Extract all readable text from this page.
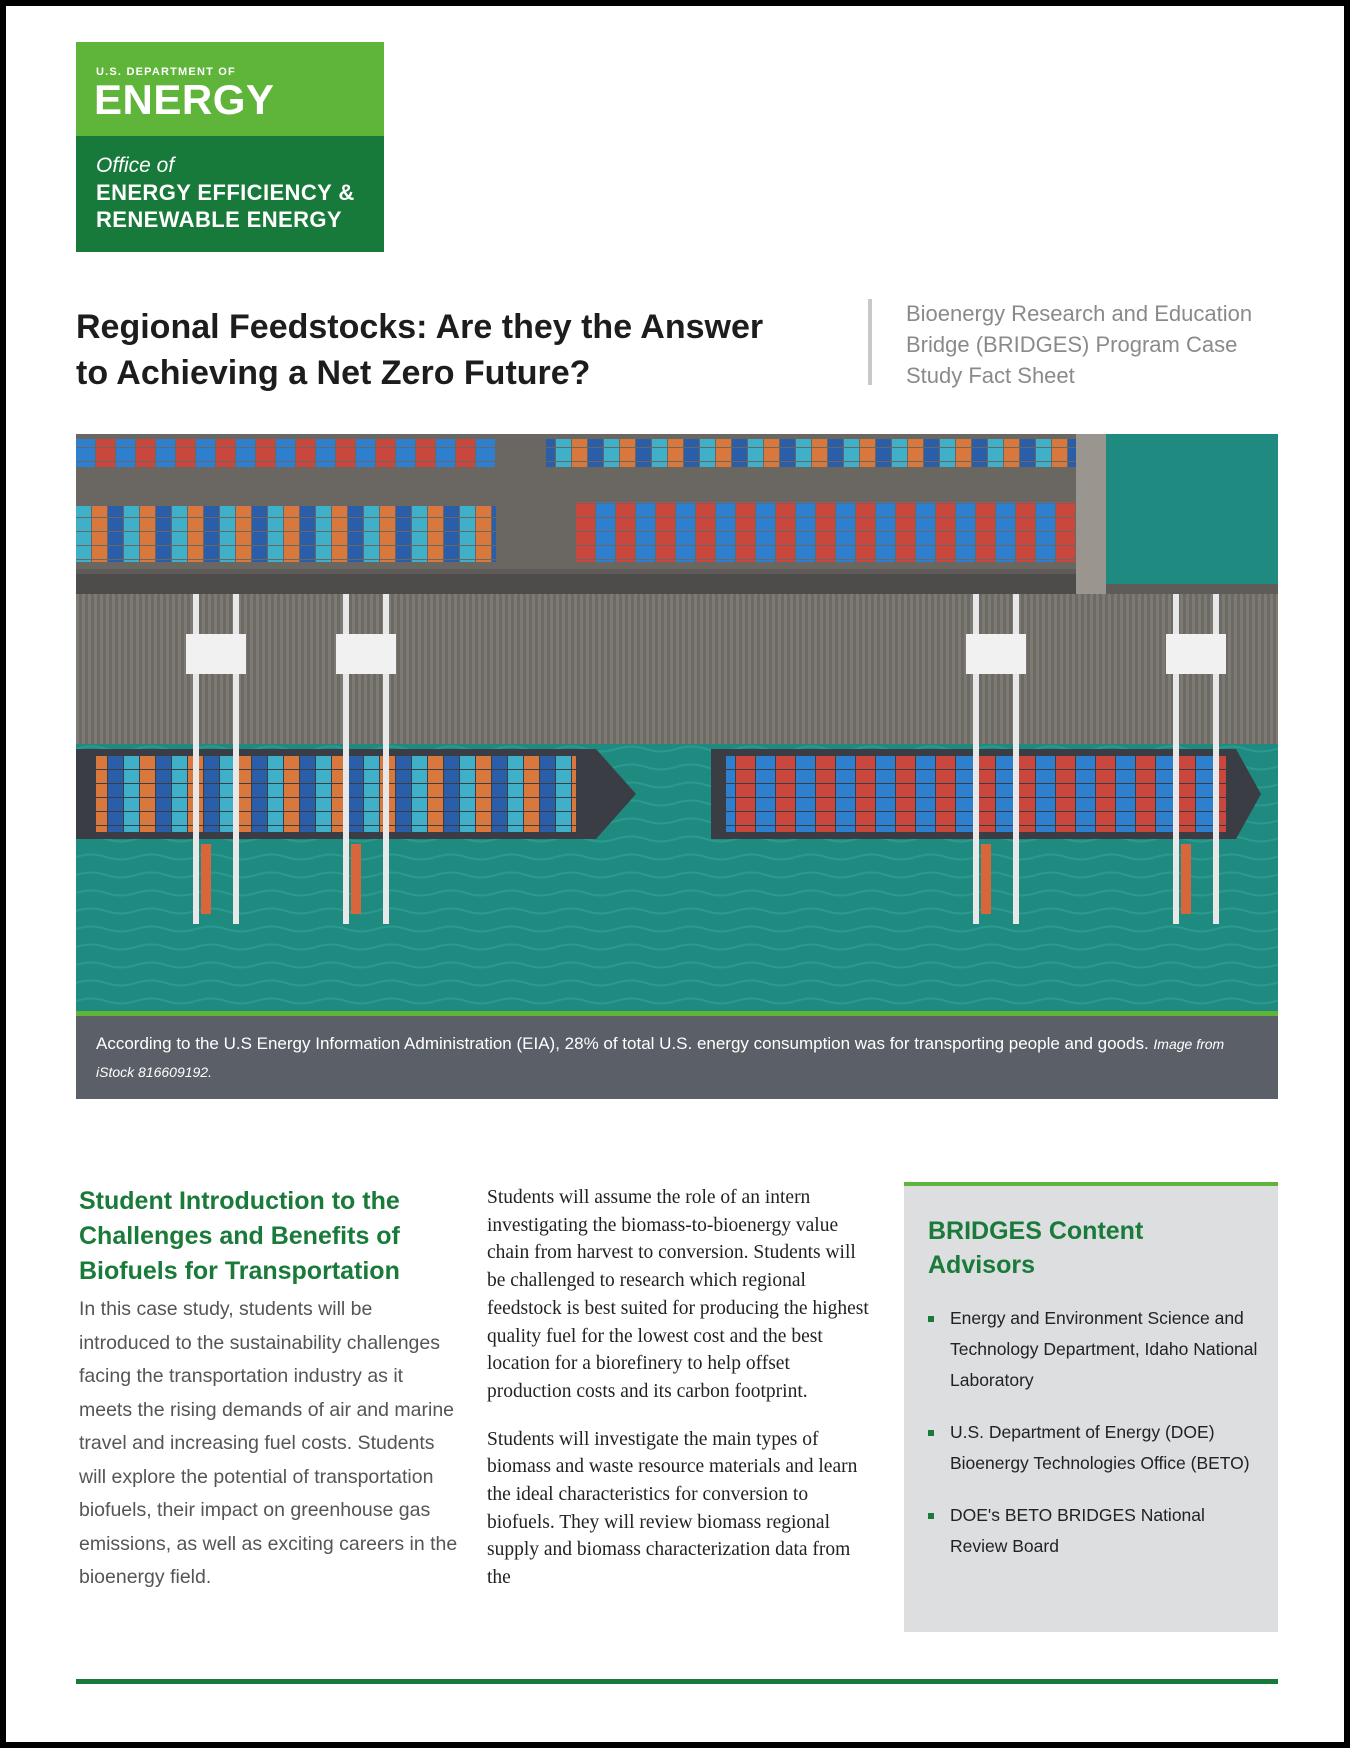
U.S. DEPARTMENT OF
ENERGY
Office of
ENERGY EFFICIENCY &
RENEWABLE ENERGY
Regional Feedstocks: Are they the Answer
to Achieving a Net Zero Future?
Bioenergy Research and Education
Bridge (BRIDGES) Program Case
Study Fact Sheet
According to the U.S Energy Information Administration (EIA), 28% of total U.S. energy consumption was for transporting people and goods. Image from iStock 816609192.
Student Introduction to the
Challenges and Benefits of
Biofuels for Transportation
In this case study, students will be introduced to the sustainability challenges facing the transportation industry as it meets the rising demands of air and marine travel and increasing fuel costs. Students will explore the potential of transportation biofuels, their impact on greenhouse gas emissions, as well as exciting careers in the bioenergy field.

Students will assume the role of an intern investigating the biomass-to-bioenergy value chain from harvest to conversion. Students will be challenged to research which regional feedstock is best suited for producing the highest quality fuel for the lowest cost and the best location for a biorefinery to help offset production costs and its carbon footprint.

Students will investigate the main types of biomass and waste resource materials and learn the ideal characteristics for conversion to biofuels. They will review biomass regional supply and biomass characterization data from the

BRIDGES Content
Advisors
Energy and Environment Science and Technology Department, Idaho National Laboratory
U.S. Department of Energy (DOE) Bioenergy Technologies Office (BETO)
DOE's BETO BRIDGES National Review Board
